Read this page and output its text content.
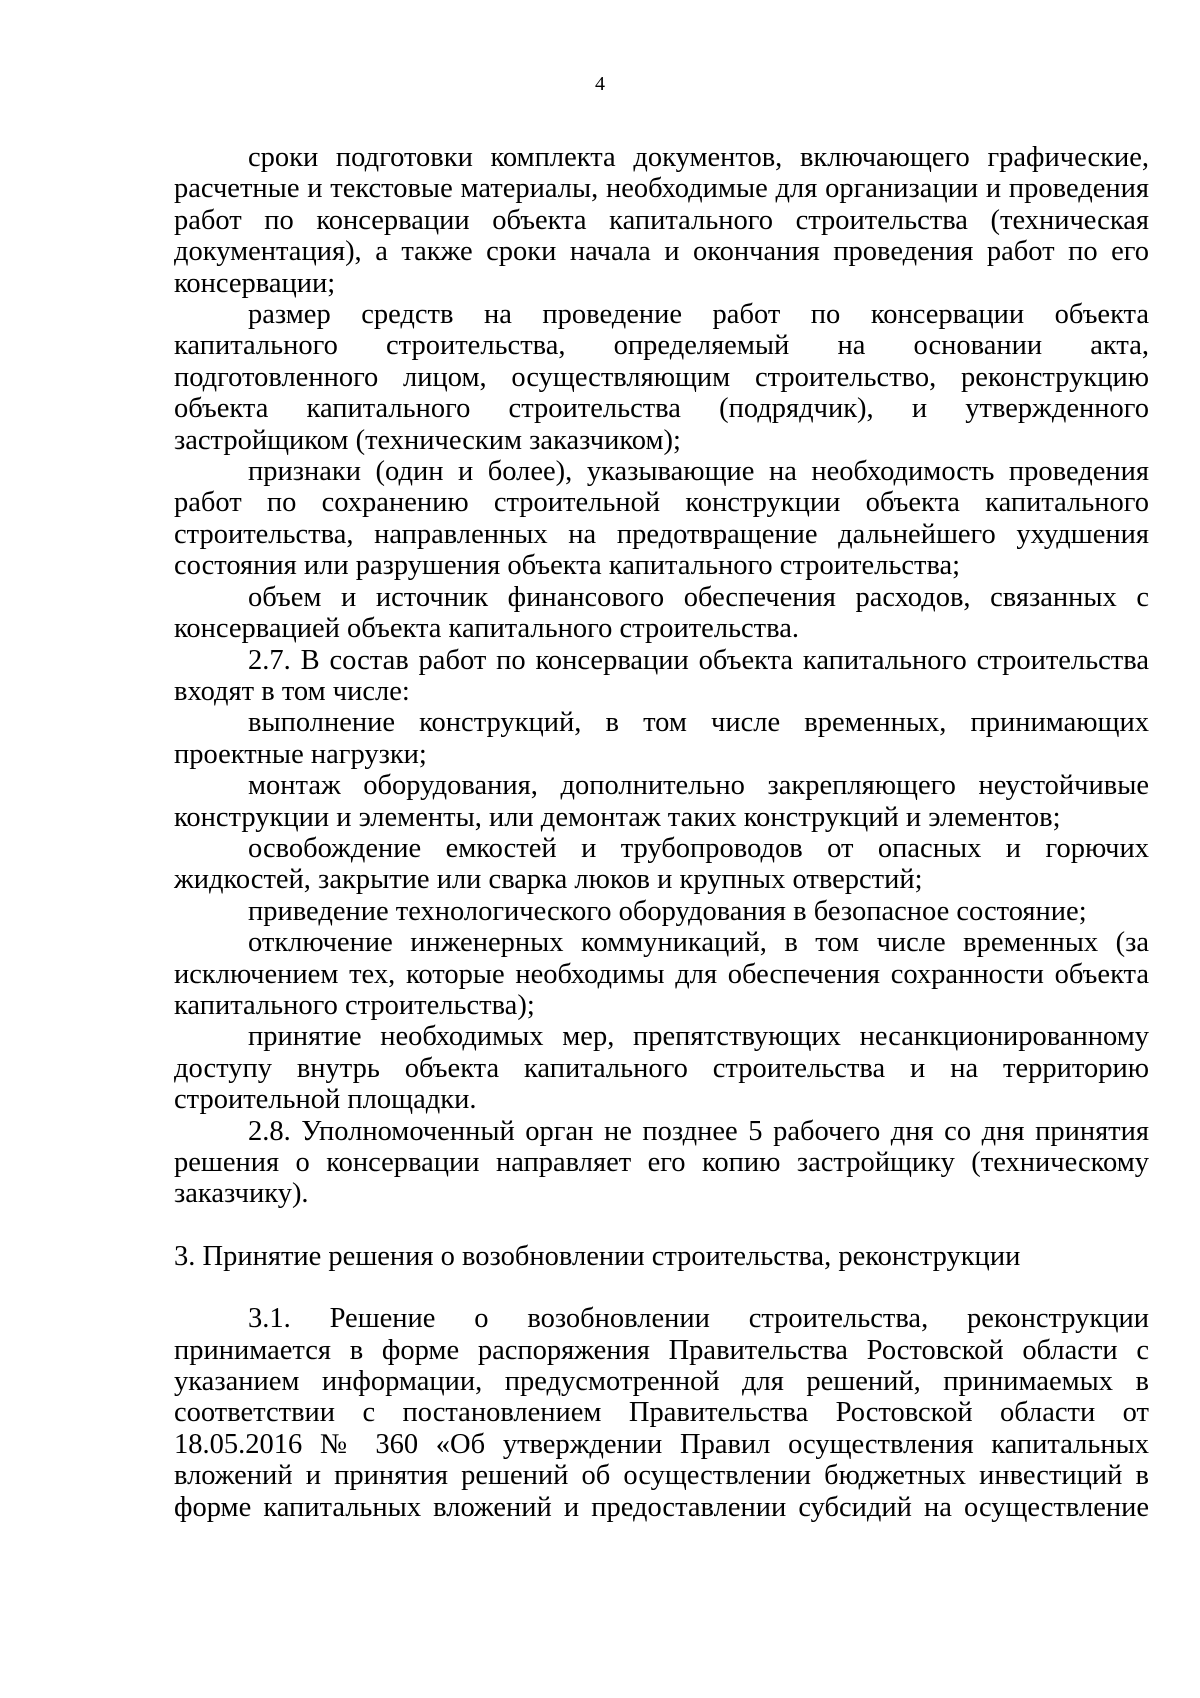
4

сроки подготовки комплекта документов, включающего графические, расчетные и текстовые материалы, необходимые для организации и проведения работ по консервации объекта капитального строительства (техническая документация), а также сроки начала и окончания проведения работ по его консервации;

размер средств на проведение работ по консервации объекта капитального строительства, определяемый на основании акта, подготовленного лицом, осуществляющим строительство, реконструкцию объекта капитального строительства (подрядчик), и утвержденного застройщиком (техническим заказчиком);

признаки (один и более), указывающие на необходимость проведения работ по сохранению строительной конструкции объекта капитального строительства, направленных на предотвращение дальнейшего ухудшения состояния или разрушения объекта капитального строительства;

объем и источник финансового обеспечения расходов, связанных с консервацией объекта капитального строительства.

2.7. В состав работ по консервации объекта капитального строительства входят в том числе:

выполнение конструкций, в том числе временных, принимающих проектные нагрузки;

монтаж оборудования, дополнительно закрепляющего неустойчивые конструкции и элементы, или демонтаж таких конструкций и элементов;

освобождение емкостей и трубопроводов от опасных и горючих жидкостей, закрытие или сварка люков и крупных отверстий;

приведение технологического оборудования в безопасное состояние;

отключение инженерных коммуникаций, в том числе временных (за исключением тех, которые необходимы для обеспечения сохранности объекта капитального строительства);

принятие необходимых мер, препятствующих несанкционированному доступу внутрь объекта капитального строительства и на территорию строительной площадки.

2.8. Уполномоченный орган не позднее 5 рабочего дня со дня принятия решения о консервации направляет его копию застройщику (техническому заказчику).

3. Принятие решения о возобновлении строительства, реконструкции

3.1. Решение о возобновлении строительства, реконструкции принимается в форме распоряжения Правительства Ростовской области с указанием информации, предусмотренной для решений, принимаемых в соответствии с постановлением Правительства Ростовской области от 18.05.2016 № 360 «Об утверждении Правил осуществления капитальных вложений и принятия решений об осуществлении бюджетных инвестиций в форме капитальных вложений и предоставлении субсидий на осуществление
